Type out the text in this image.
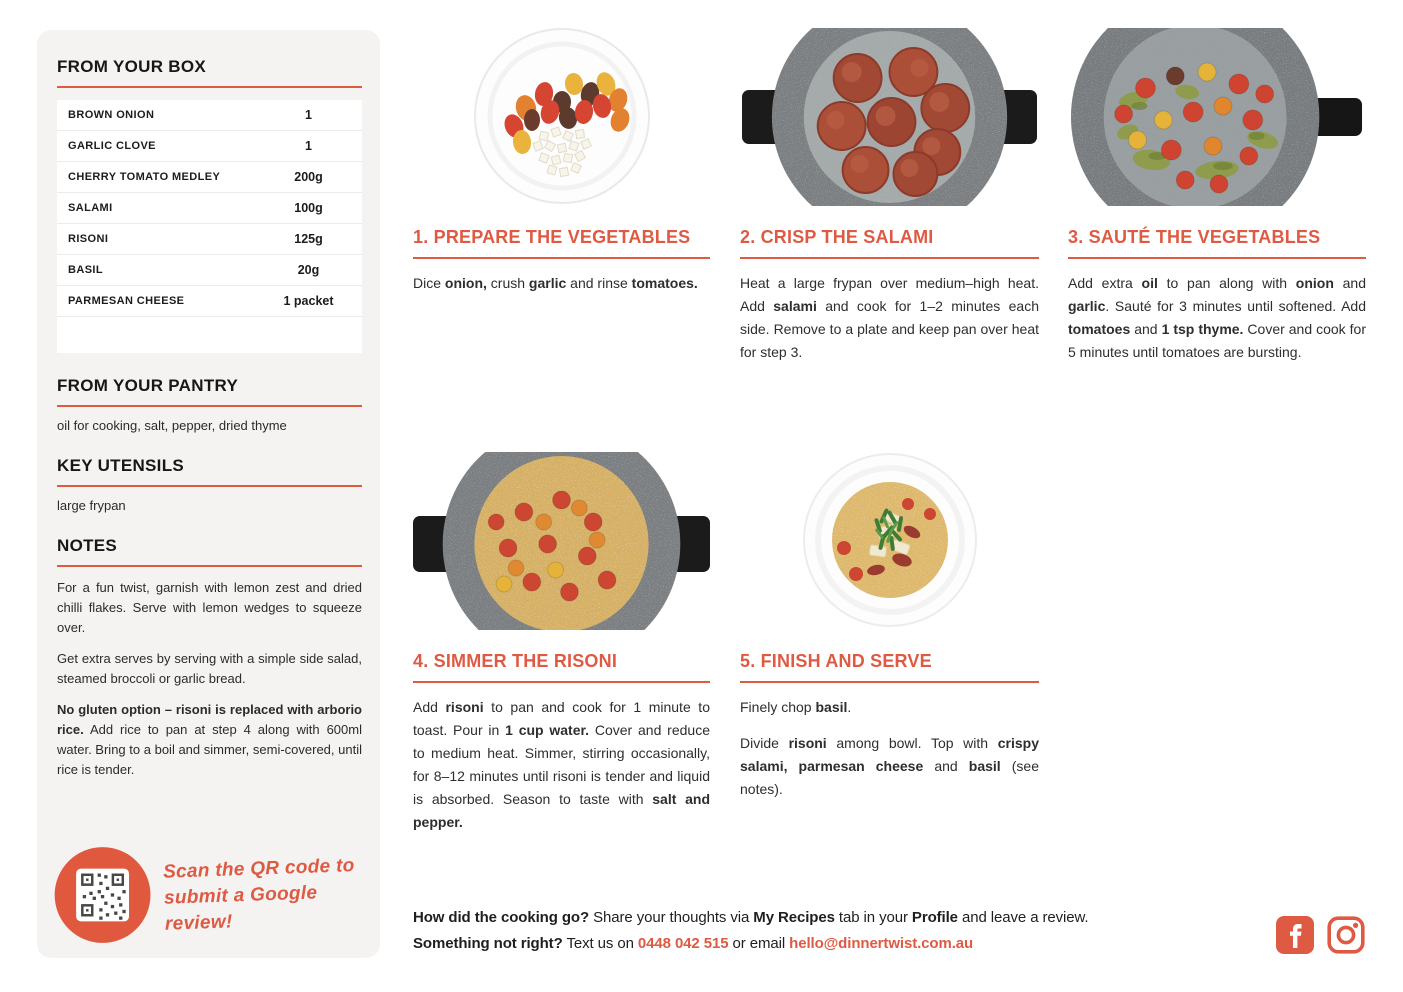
FROM YOUR BOX
BROWN ONION	1
GARLIC CLOVE	1
CHERRY TOMATO MEDLEY	200g
SALAMI	100g
RISONI	125g
BASIL	20g
PARMESAN CHEESE	1 packet
FROM YOUR PANTRY
oil for cooking, salt, pepper, dried thyme
KEY UTENSILS
large frypan
NOTES

For a fun twist, garnish with lemon zest and dried chilli flakes. Serve with lemon wedges to squeeze over.

Get extra serves by serving with a simple side salad, steamed broccoli or garlic bread.

No gluten option – risoni is replaced with arborio rice. Add rice to pan at step 4 along with 600ml water. Bring to a boil and simmer, semi-covered, until rice is tender.

Scan the QR code to
submit a Google review!
1. PREPARE THE VEGETABLES

Dice onion, crush garlic and rinse tomatoes.

2. CRISP THE SALAMI

Heat a large frypan over medium–high heat. Add salami and cook for 1–2 minutes each side. Remove to a plate and keep pan over heat for step 3.

3. SAUTÉ THE VEGETABLES

Add extra oil to pan along with onion and garlic. Sauté for 3 minutes until softened. Add tomatoes and 1 tsp thyme. Cover and cook for 5 minutes until tomatoes are bursting.

4. SIMMER THE RISONI

Add risoni to pan and cook for 1 minute to toast. Pour in 1 cup water. Cover and reduce to medium heat. Simmer, stirring occasionally, for 8–12 minutes until risoni is tender and liquid is absorbed. Season to taste with salt and pepper.

5. FINISH AND SERVE

Finely chop basil.

Divide risoni among bowl. Top with crispy salami, parmesan cheese and basil (see notes).

How did the cooking go? Share your thoughts via My Recipes tab in your Profile and leave a review.
Something not right? Text us on 0448 042 515 or email hello@dinnertwist.com.au
